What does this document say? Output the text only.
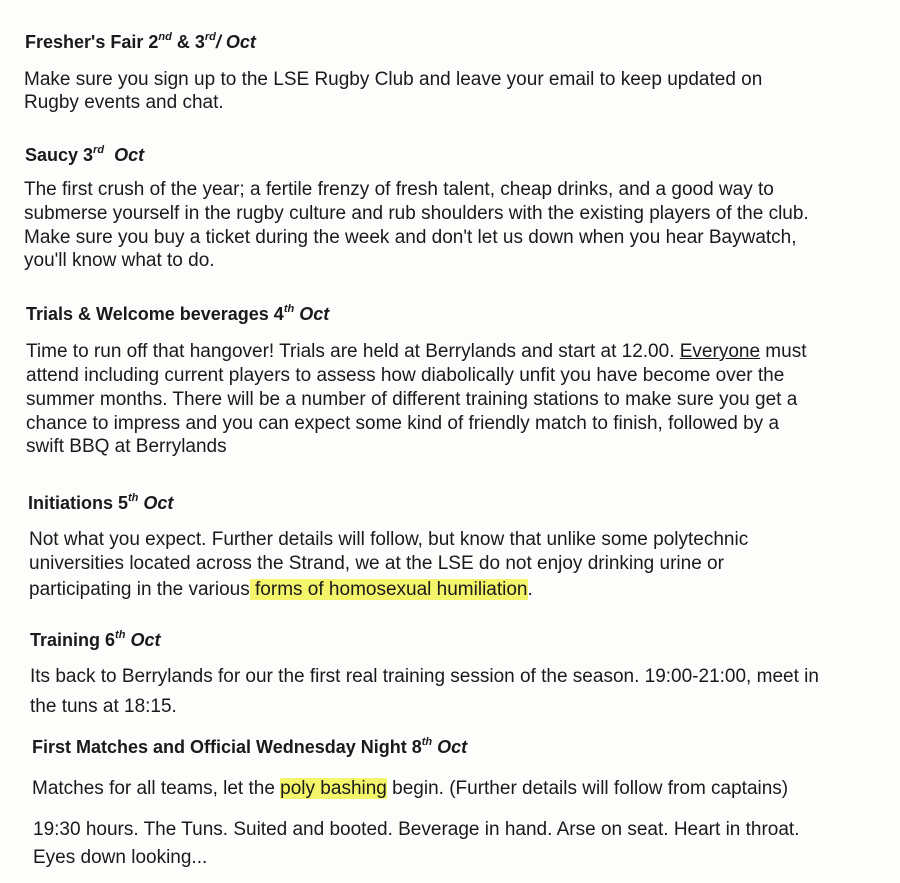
Fresher's Fair 2nd & 3rd/ Oct
Make sure you sign up to the LSE Rugby Club and leave your email to keep updated on
Rugby events and chat.
Saucy 3rd Oct
The first crush of the year; a fertile frenzy of fresh talent, cheap drinks, and a good way to
submerse yourself in the rugby culture and rub shoulders with the existing players of the club.
Make sure you buy a ticket during the week and don't let us down when you hear Baywatch,
you'll know what to do.
Trials & Welcome beverages 4th Oct
Time to run off that hangover! Trials are held at Berrylands and start at 12.00. Everyone must
attend including current players to assess how diabolically unfit you have become over the
summer months. There will be a number of different training stations to make sure you get a
chance to impress and you can expect some kind of friendly match to finish, followed by a
swift BBQ at Berrylands
Initiations 5th Oct
Not what you expect. Further details will follow, but know that unlike some polytechnic
universities located across the Strand, we at the LSE do not enjoy drinking urine or
participating in the various forms of homosexual humiliation.
Training 6th Oct
Its back to Berrylands for our the first real training session of the season. 19:00-21:00, meet in
the tuns at 18:15.
First Matches and Official Wednesday Night 8th Oct
Matches for all teams, let the poly bashing begin. (Further details will follow from captains)
19:30 hours. The Tuns. Suited and booted. Beverage in hand. Arse on seat. Heart in throat.
Eyes down looking...
